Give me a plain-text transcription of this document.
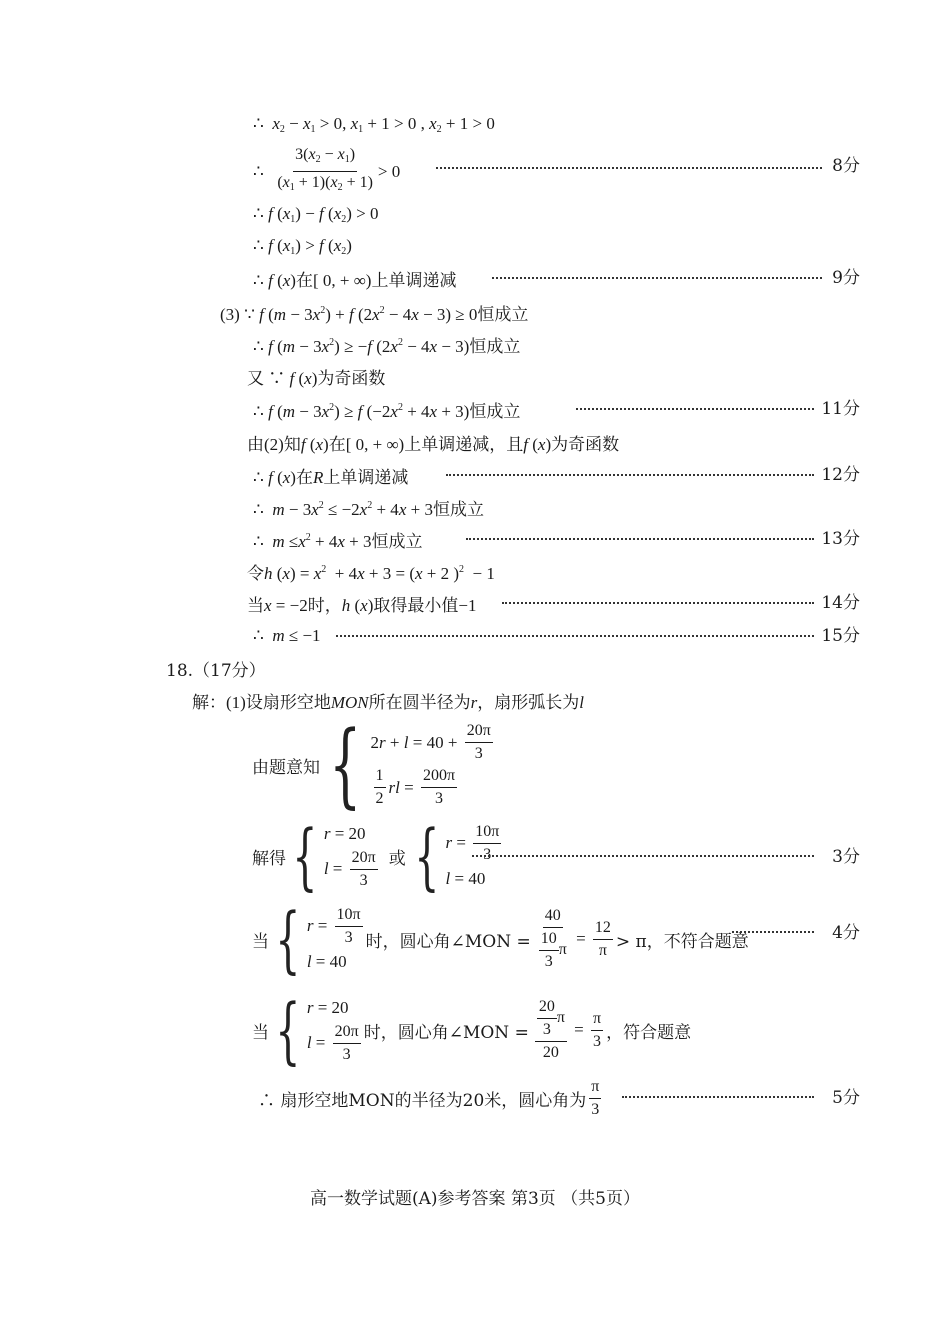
∴  $x_2 - x_1 > 0$, $x_1 + 1 > 0$ , $x_2 + 1 > 0$
∴ $\frac{3(x_2 - x_1)}{(x_1 + 1)(x_2 + 1)} > 0$	8分
∴ f $(x_1) - f$ $(x_2) > 0$
∴ f $(x_1) > f$ $(x_2)$
∴ f (x)在[ 0, + ∞)上单调递减	9分
(3) ∵ f $(m - 3x^2) + f$ $(2x^2 - 4x - 3) \ge 0$恒成立
∴ f $(m - 3x^2) \ge -f$ $(2x^2 - 4x - 3)$恒成立
又 ∵ f (x)为奇函数
∴ f $(m - 3x^2) \ge f$ $(-2x^2 + 4x + 3)$恒成立	11分
由(2)知f (x)在[ 0, + ∞)上单调递减，且f (x)为奇函数
∴ f (x)在R上单调递减	12分
∴  $m - 3x^2 \le -2x^2 + 4x + 3$恒成立
∴  $m \le x^2 + 4x + 3$恒成立	13分
令h $(x) = x^2 + 4x + 3 = (x + 2$ )$^2$  − 1
当x = −2时，h (x)取得最小值−1	14分
∴  m ≤ −1	15分
18.（17分）
解：(1)设扇形空地MON所在圆半径为r，扇形弧长为l
由题意知 { 2 $r + l = 40 + \frac{20\pi}{3}$
$\frac{1}{2}$ rl = $\frac{200\pi}{3}$
解得 { r = 20
$l = \frac{20\pi}{3}$ 或 { $r = \frac{10\pi}{3}$
l = 40
3分
当 { $r = \frac{10\pi}{3}$
l = 40
时，圆心角∠MON = $\frac{40}{\frac{10}{3} \pi} = \frac{12}{\pi} > \pi$，不符合题意	4分
当 { r = 20
$l = \frac{20\pi}{3}$ 时，圆心角∠MON = $\frac{\frac{20}{3} \pi}{20} = \frac{\pi}{3}$ ，符合题意
∴ 扇形空地MON的半径为20米，圆心角为 $\frac{\pi}{3}$	5分
高一数学试题(A)参考答案 第3页 （共5页）
